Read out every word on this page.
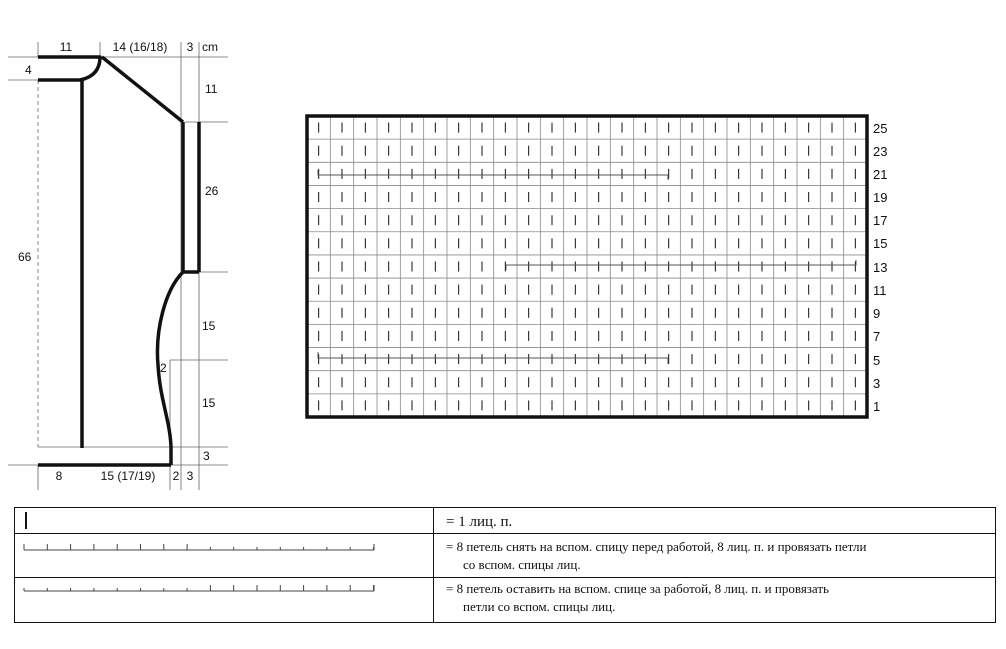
11	14 (16/18) 3 cm
4
11
26
15
15
3
66
2
8	15 (17/19) 2 3
25
23
21
19
17
15
13
11
9
7
5
3
1
= 1 лиц. п.
= 8 петель снять на вспом. спицу перед работой, 8 лиц. п. и провязать петли со вспом. спицы лиц.
= 8 петель оставить на вспом. спице за работой, 8 лиц. п. и провязать петли со вспом. спицы лиц.
